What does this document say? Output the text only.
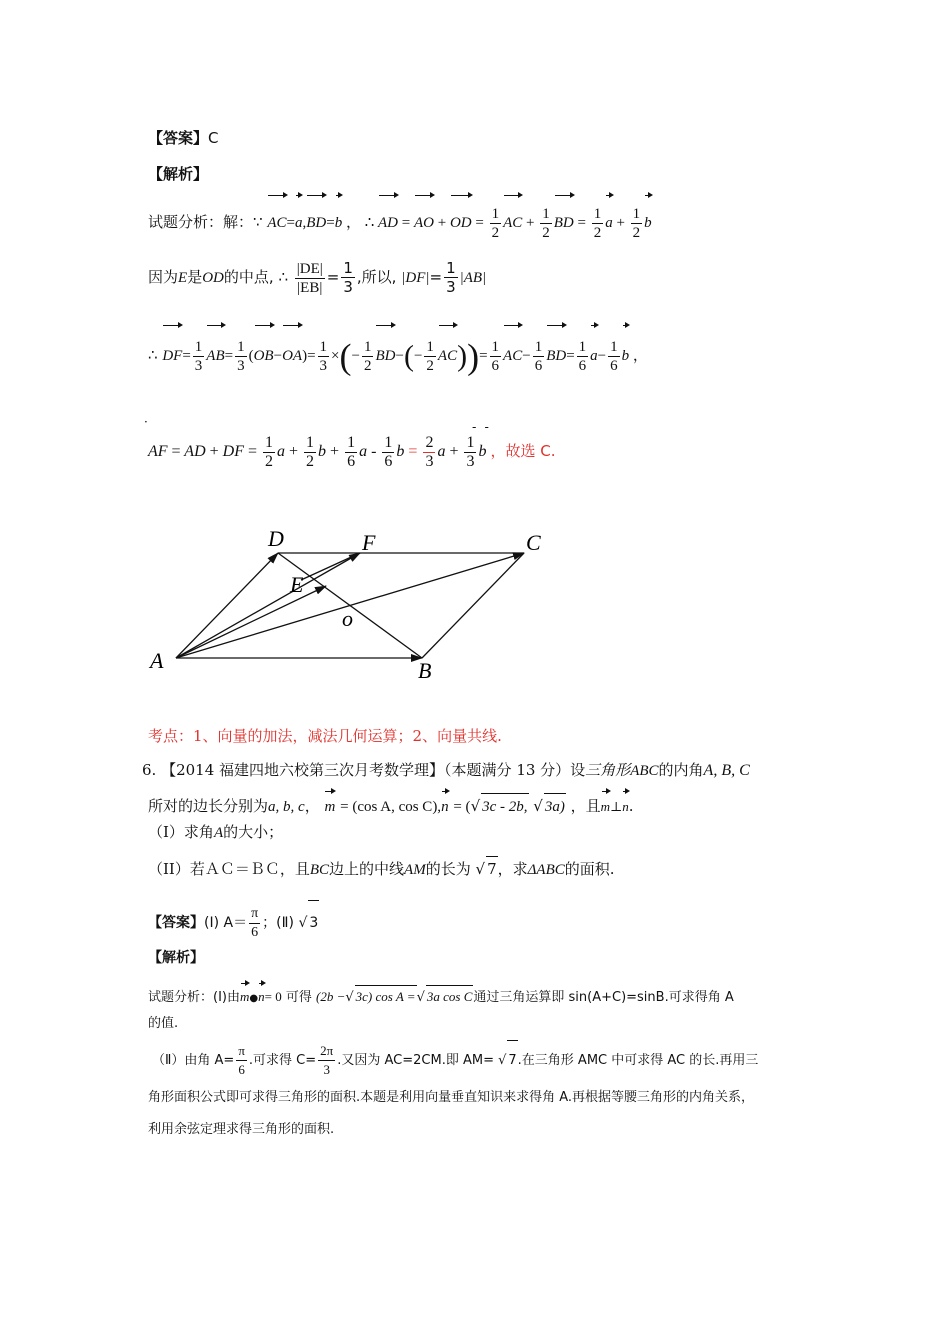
【答案】C
【解析】
试题分析：解：∵ AC=a,BD=b ， ∴ AD = AO + OD = $\frac{1}{2}$ AC + $\frac{1}{2}$ BD = $\frac{1}{2}$ $a + \frac{1}{2}$ b
因为E是OD的中点, ∴ $\frac{|DE|}{|EB|} = \frac{1}{3}$ ,所以, $|DF|= \frac{1}{3} |AB|$
∴ $DF= \frac{1}{3} AB= \frac{1}{3} (OB-OA)= \frac{1}{3}$ ×(− $\frac{1}{2} BD-(- \frac{1}{2} AC))= \frac{1}{6} AC- \frac{1}{6} BD= \frac{1}{6} a- \frac{1}{6}$ b ，
·	- -
AF = AD + DF = $\frac{1}{2}$ $a + \frac{1}{2}$ $b + \frac{1}{6}$ a - $\frac{1}{6}$ $b = \frac{2}{3}$ $a + \frac{1}{3}$ b ，故选 C.
A	B
C
D
E
F
o
考点：1、向量的加法，减法几何运算；2、向量共线.
6. 【2014 福建四地六校第三次月考数学理】（本题满分 13 分）设三角形ABC的内角A, B, C
所对的边长分别为a, b, c， m = (cos A, cos C),n = (√ 3c - 2b, √ 3a) ，且m⊥n.
（I）求角A的大小；
（II）若ＡＣ＝ＢＣ，且BC边上的中线AM的长为 √ 7，求ΔABC的面积.
【答案】(Ⅰ) $A= \frac{\pi}{6}$ ；(Ⅱ) √ 3
【解析】
试题分析：(Ⅰ)由m●n= 0 可得 (2b −√ 3c) cos A =√ 3a cos C通过三角运算即 sin(A+C)=sinB.可求得角 A
的值.
（Ⅱ）由角 $A= \frac{\pi}{6}$ .可求得 $C= \frac{2\pi}{3}$ .又因为 AC=2CM.即 AM= √ 7.在三角形 AMC 中可求得 AC 的长.再用三
角形面积公式即可求得三角形的面积.本题是利用向量垂直知识来求得角 A.再根据等腰三角形的内角关系，
利用余弦定理求得三角形的面积.
